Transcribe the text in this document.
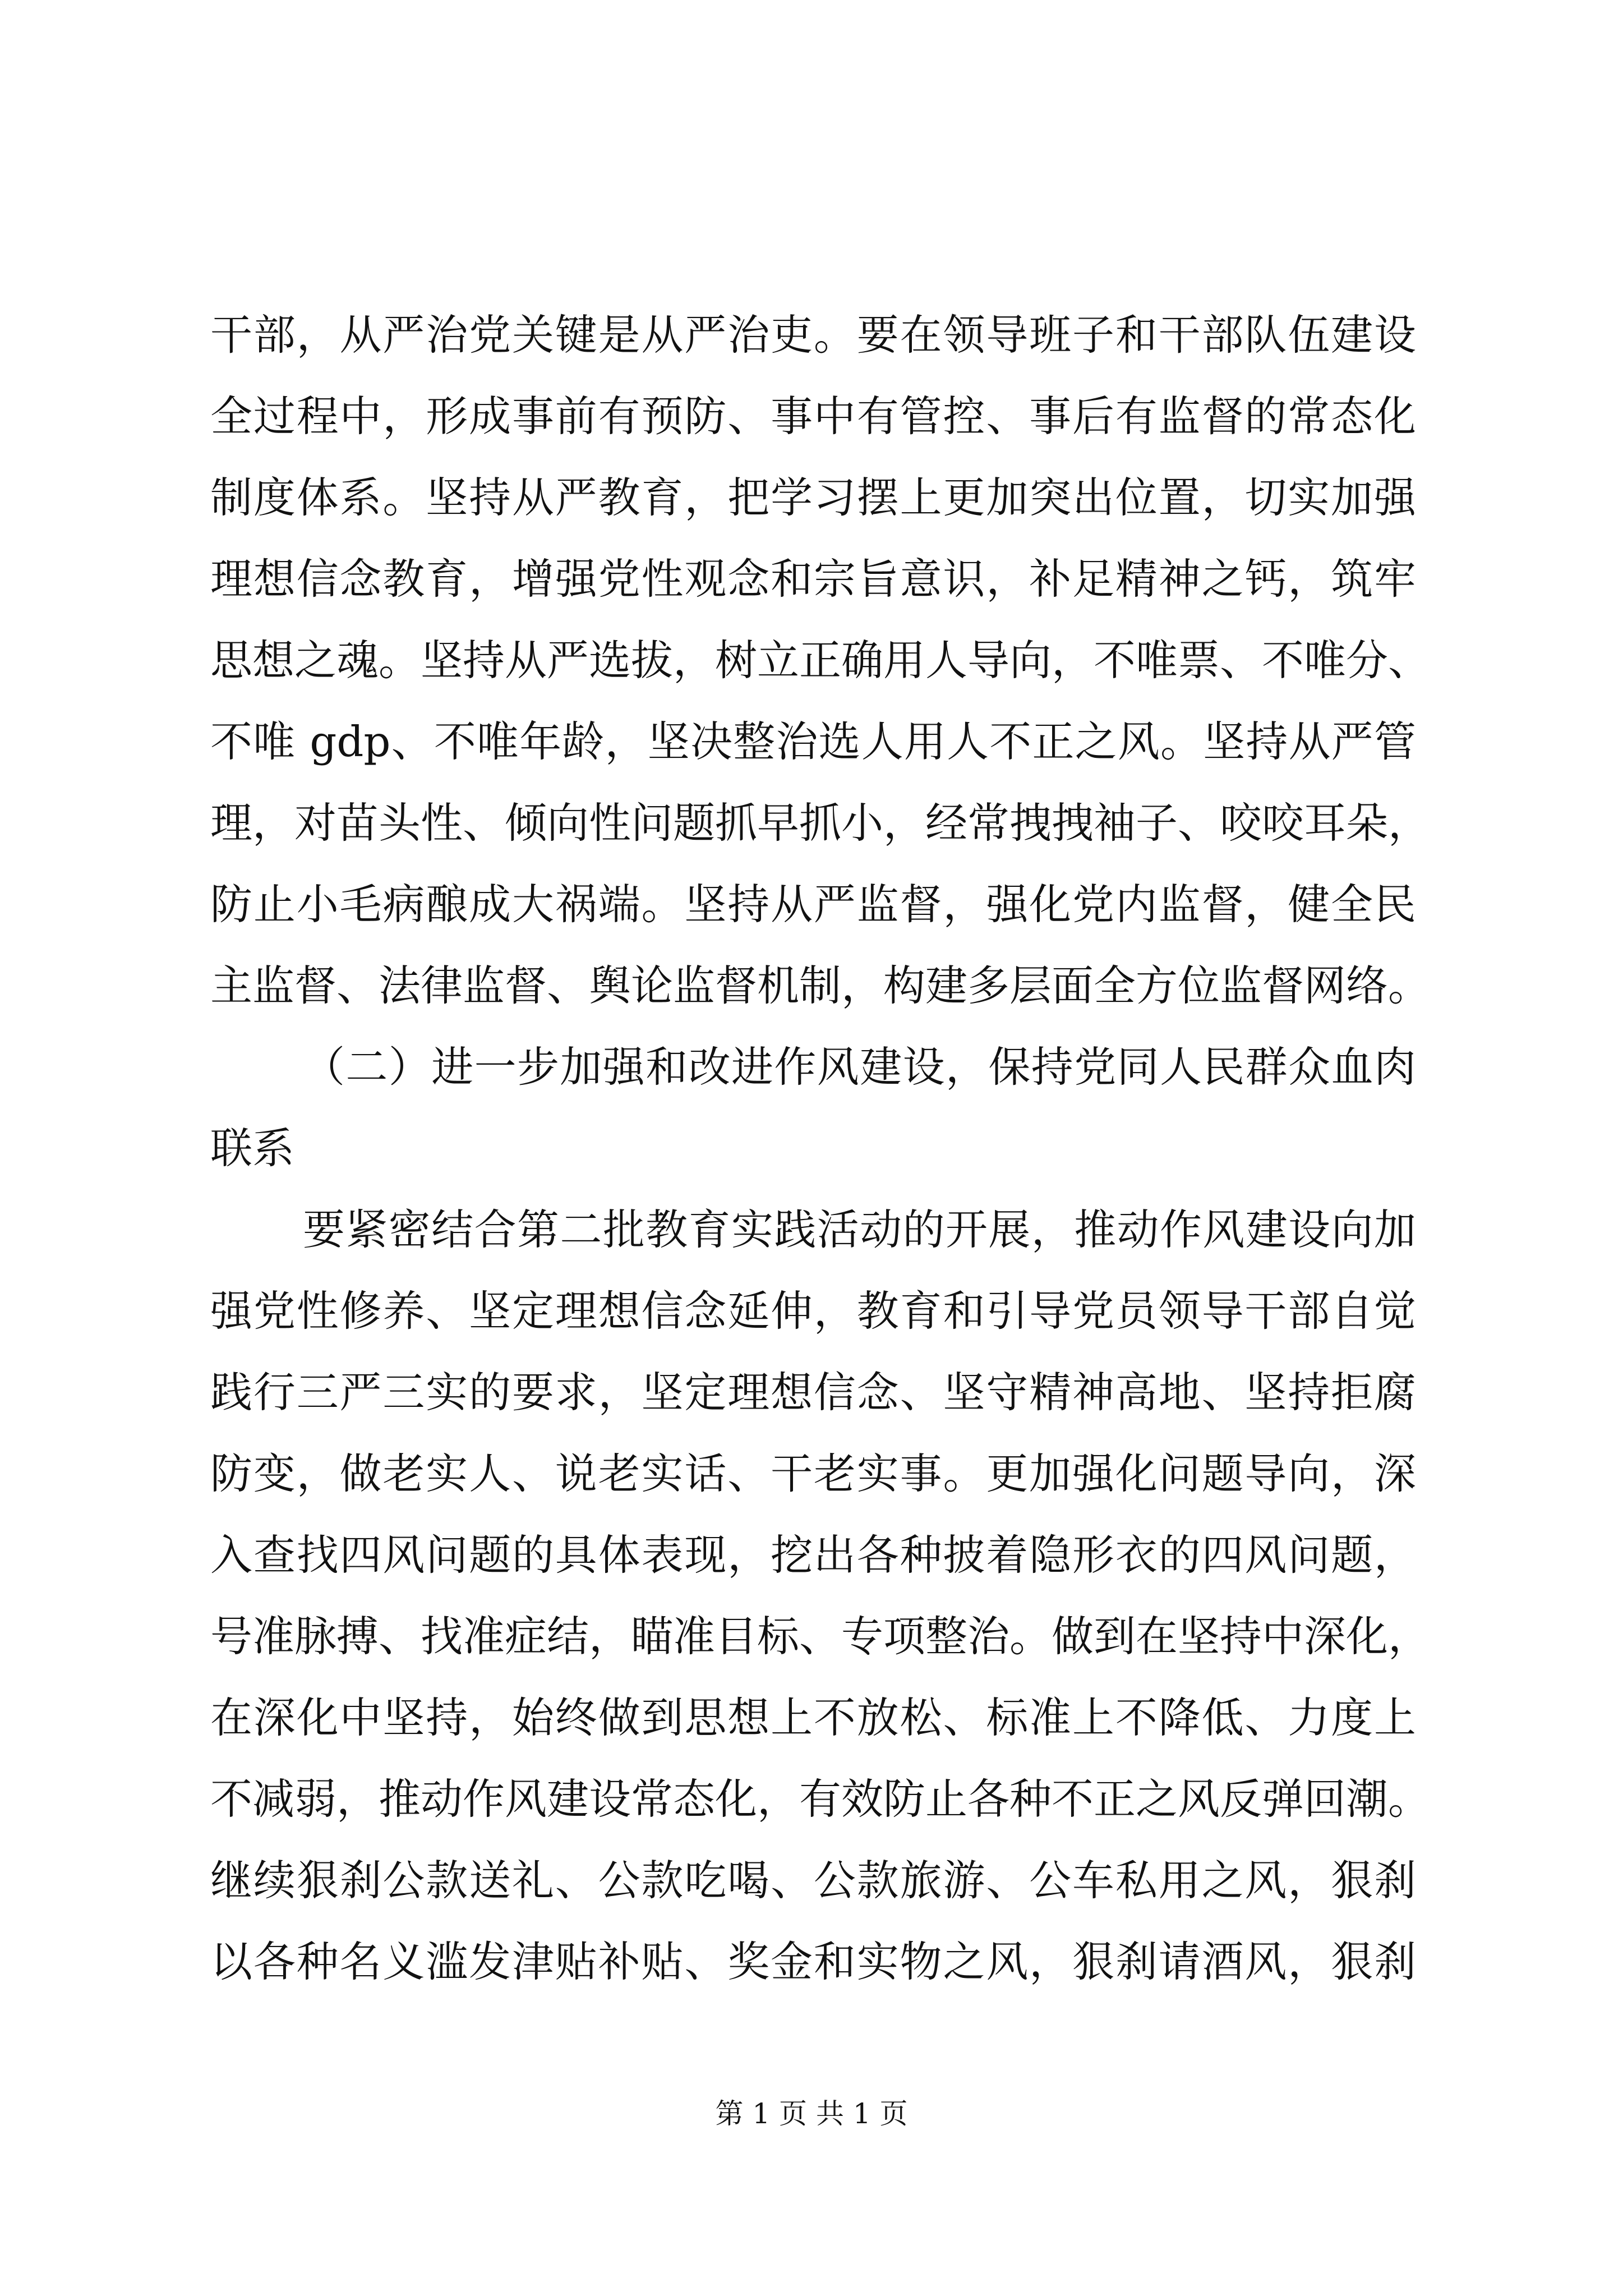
干部，从严治党关键是从严治吏。要在领导班子和干部队伍建设
全过程中，形成事前有预防、事中有管控、事后有监督的常态化
制度体系。坚持从严教育，把学习摆上更加突出位置，切实加强
理想信念教育，增强党性观念和宗旨意识，补足精神之钙，筑牢
思想之魂。坚持从严选拔，树立正确用人导向，不唯票、不唯分、
不唯 gdp、不唯年龄，坚决整治选人用人不正之风。坚持从严管
理，对苗头性、倾向性问题抓早抓小，经常拽拽袖子、咬咬耳朵，
防止小毛病酿成大祸端。坚持从严监督，强化党内监督，健全民
主监督、法律监督、舆论监督机制，构建多层面全方位监督网络。
（二）进一步加强和改进作风建设，保持党同人民群众血肉
联系
要紧密结合第二批教育实践活动的开展，推动作风建设向加
强党性修养、坚定理想信念延伸，教育和引导党员领导干部自觉
践行三严三实的要求，坚定理想信念、坚守精神高地、坚持拒腐
防变，做老实人、说老实话、干老实事。更加强化问题导向，深
入查找四风问题的具体表现，挖出各种披着隐形衣的四风问题，
号准脉搏、找准症结，瞄准目标、专项整治。做到在坚持中深化，
在深化中坚持，始终做到思想上不放松、标准上不降低、力度上
不减弱，推动作风建设常态化，有效防止各种不正之风反弹回潮。
继续狠刹公款送礼、公款吃喝、公款旅游、公车私用之风，狠刹
以各种名义滥发津贴补贴、奖金和实物之风，狠刹请酒风，狠刹
第 1 页 共 1 页
